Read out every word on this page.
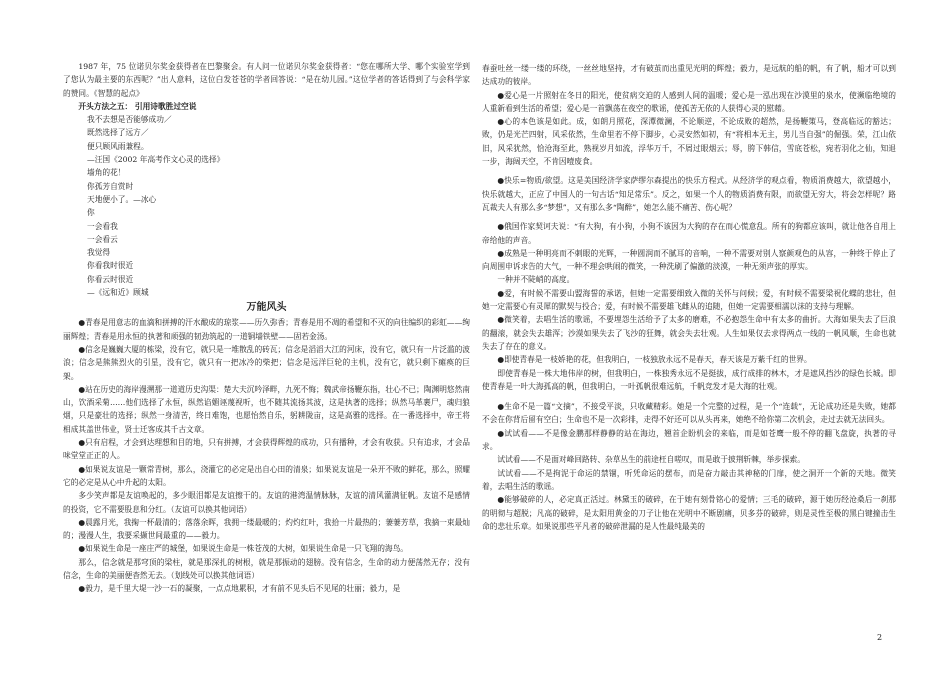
1987 年，75 位诺贝尔奖金获得者在巴黎聚会。有人问一位诺贝尔奖金获得者：“您在哪所大学、哪个实验室学到了您认为最主要的东西呢？”出人意料，这位白发苍苍的学者回答说：“是在幼儿园。”这位学者的答话得到了与会科学家的赞同。《智慧的起点》

开头方法之五： 引用诗歌胜过空说

我不去想是否能够成功／

既然选择了远方／

便只顾风雨兼程。

—汪国《2002 年高考作文心灵的选择》

墙角的花！

你孤芳自赏时

天地便小了。—冰心

你

一会看我

一会看云

我觉得

你看我时很近

你看云时很近

—《远和近》顾城

万能风头

●青春是用意志的血滴和拼搏的汗水酿成的琼浆——历久弥香；青春是用不凋的希望和不灭的向往编织的彩虹——绚丽辉煌；青春是用永恒的执著和顽强的韧劲筑起的一道铜墙铁壁——固若金汤。

●信念是巍巍大厦的栋梁，没有它，就只是一堆散乱的砖瓦；信念是滔滔大江的河床，没有它，就只有一片泛滥的波浪；信念是熊熊烈火的引星，没有它，就只有一把冰冷的柴把；信念是远洋巨轮的主机，没有它，就只剩下瘫痪的巨架。

●站在历史的海岸漫溯那一道道历史沟渠：楚大夫沉吟泽畔，九死不悔；魏武帝扬鞭东指，壮心不已；陶渊明悠然南山，饮酒采菊……他们选择了永恒，纵然谄媚诬蔑视听，也不随其流扬其波，这是执著的选择；纵然马革裹尸，魂归狼烟，只是豪壮的选择；纵然一身清苦，终日难饱，也愿怡然自乐，躬耕陇亩，这是高雅的选择。在一番选择中，帝王将相成其盖世伟业，贤士迁客成其千古文章。

●只有启程，才会到达理想和目的地，只有拼搏，才会获得辉煌的成功，只有播种，才会有收获。只有追求，才会品味堂堂正正的人。

●如果说友谊是一颗常青树，那么，浇灌它的必定是出自心田的清泉；如果说友谊是一朵开不败的鲜花，那么，照耀它的必定是从心中升起的太阳。

多少笑声都是友谊唤起的，多少眼泪都是友谊擦干的。友谊的港湾温情脉脉，友谊的清风灌满征帆。友谊不是感情的投资，它不需要股息和分红。（友谊可以换其他词语）

●晨露月光，我掬一杯最清的；落落余晖，我拥一缕最暖的；灼灼红叶，我拾一片最热的；萋萋芳草，我摘一束最灿的；漫漫人生，我要采撷世间最重的——毅力。

●如果说生命是一座庄严的城堡，如果说生命是一株苍茂的大树，如果说生命是一只飞翔的海鸟。

那么，信念就是那穹顶的梁柱，就是那深扎的树根，就是那振动的翅膀。没有信念，生命的动力便荡然无存；没有信念，生命的美丽便杳然无去。（划线处可以换其他词语）

●毅力，是千里大堤一沙一石的凝聚，一点点地累积，才有前不见头后不见尾的壮丽；毅力，是

春蚕吐丝一缕一缕的环绕，一丝丝地坚持，才有破茧而出重见光明的辉煌；毅力，是远航的船的帆，有了帆，船才可以到达成功的彼岸。

●爱心是一片照射在冬日的阳光，使贫病交迫的人感到人间的温暖；爱心是一泓出现在沙漠里的泉水，使濒临绝境的人重新看到生活的希望；爱心是一首飘荡在夜空的歌谣，使孤苦无依的人获得心灵的慰藉。

●心的本色该是如此。成，如朗月照花，深潭微澜，不论顺逆，不论成败的超然，是扬鞭策马，登高临远的豁达；败，仍是光芒四射，风采依然，生命里若不停下脚步，心灵安然如初，有“将相本无主，男儿当自强”的倔强。荣，江山依旧，风采犹然，恰沧海至此，熟视岁月如流，浮华万千，不屑过眼烟云；辱，胯下韩信，雪底苍松，宛若羽化之仙，知退一步，海阔天空，不肯因噎废食。

●快乐=物质/欲望。这是美国经济学家萨缪尔森提出的快乐方程式。从经济学的观点看，物质消费越大，欲望越小，快乐就越大，正应了中国人的一句古话“知足常乐”。反之，如果一个人的物质消费有限，而欲望无穷大，将会怎样呢？路瓦裁夫人有那么多“梦想”，又有那么多“陶醉”，她怎么能不痛苦、伤心呢？

●俄国作家契诃夫说：“有大狗，有小狗，小狗不该因为大狗的存在而心慌意乱。所有的狗都应该叫，就让他各自用上帝给他的声音。

●成熟是一种明亮而不刺眼的光辉，一种圆润而不腻耳的音响，一种不需要对别人察颜观色的从容，一种终于停止了向周围申诉求告的大气，一种不理会哄闹的微笑，一种洗刷了偏激的淡漠，一种无须声张的厚实。

一种并不陡峭的高度。

●爱，有时候不需要山盟海誓的承诺，但她一定需要细致入微的关怀与问候；爱，有时候不需要梁祝化蝶的悲壮，但她一定需要心有灵犀的默契与投合；爱，有时候不需要雄飞雌从的追随，但她一定需要相濡以沫的支持与理解。

●微笑着，去唱生活的歌谣，不要埋怨生活给予了太多的磨难，不必抱怨生命中有太多的曲折。大海如果失去了巨浪的翻滚，就会失去雄浑；沙漠如果失去了飞沙的狂舞，就会失去壮观。人生如果仅去求得两点一线的一帆风顺，生命也就失去了存在的意义。

●即使青春是一枝娇艳的花，但我明白，一枝独放永远不是春天，春天该是万紫千红的世界。

即使青春是一株大地伟岸的树，但我明白，一株独秀永远不是挺拔，成行成排的林木，才是遮风挡沙的绿色长城。即使青春是一叶大海孤高的帆，但我明白，一叶孤帆很难远航，千帆竞发才是大海的壮观。

●生命不是一篇“文摘”，不接受平淡，只收藏精彩。她是一个完整的过程，是一个“连载”，无论成功还是失败，她都不会在你背后留有空白；生命也不是一次彩排，走得不好还可以从头再来，她绝不给你第二次机会，走过去就无法回头。

●试试看——不是像金鹏那样静静的站在海边，翘首企盼机会的来临，而是如苍鹰一般不停的翻飞盘旋，执著的寻求。

试试看——不是面对峰回路转、杂草丛生的前途枉自嗟叹，而是敢于披荆斩棘，举步探索。

试试看——不是拘泥于命运的禁锢，听凭命运的摆布，而是奋力敲击其神秘的门扉，使之洞开一个新的天地。微笑着，去唱生活的歌谣。

●能够破碎的人，必定真正活过。林黛玉的破碎，在于她有刻骨铭心的爱情；三毛的破碎，源于她历经沧桑后一刹那的明彻与超脱；凡高的破碎，是太阳用黄金的刀子让他在光明中不断剧痛，贝多芬的破碎，则是灵性至极的黑白键撞击生命的悲壮乐章。如果说那些平凡者的破碎泄漏的是人性最纯最美的

2
